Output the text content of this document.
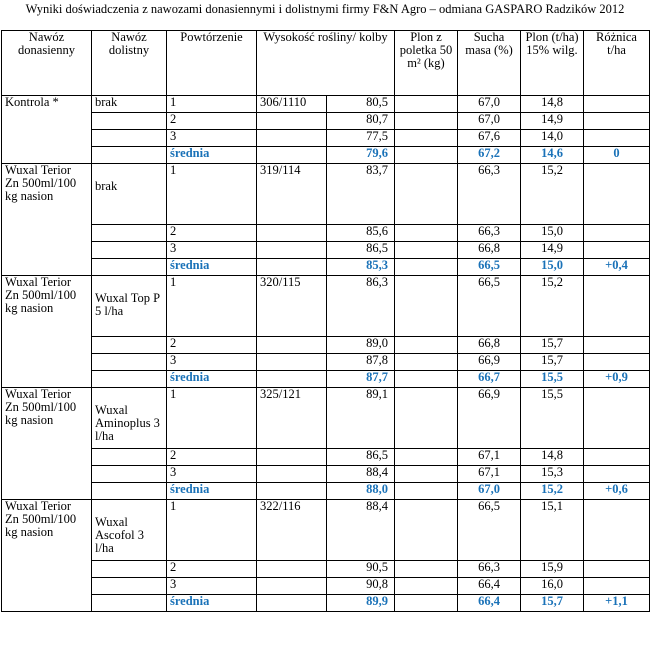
Wyniki doświadczenia z nawozami donasiennymi i dolistnymi firmy F&N Agro – odmiana GASPARO Radzików 2012
Nawóz donasienny	Nawóz dolistny	Powtórzenie	Wysokość rośliny/ kolby		Plon z poletka 50 m² (kg)	Sucha masa (%)	Plon (t/ha) 15% wilg.	Różnica t/ha
Kontrola *	brak	1	306/1110	80,5		67,0	14,8	
		2		80,7		67,0	14,9	
		3		77,5		67,6	14,0	
		średnia		79,6		67,2	14,6	0
Wuxal Terior Zn 500ml/100 kg nasion	brak	1	319/114	83,7		66,3	15,2	
		2		85,6		66,3	15,0	
		3		86,5		66,8	14,9	
		średnia		85,3		66,5	15,0	+0,4
Wuxal Terior Zn 500ml/100 kg nasion	Wuxal Top P 5 l/ha	1	320/115	86,3		66,5	15,2	
		2		89,0		66,8	15,7	
		3		87,8		66,9	15,7	
		średnia		87,7		66,7	15,5	+0,9
Wuxal Terior Zn 500ml/100 kg nasion	Wuxal Aminoplus 3 l/ha	1	325/121	89,1		66,9	15,5	
		2		86,5		67,1	14,8	
		3		88,4		67,1	15,3	
		średnia		88,0		67,0	15,2	+0,6
Wuxal Terior Zn 500ml/100 kg nasion	Wuxal Ascofol 3 l/ha	1	322/116	88,4		66,5	15,1	
		2		90,5		66,3	15,9	
		3		90,8		66,4	16,0	
		średnia		89,9		66,4	15,7	+1,1
